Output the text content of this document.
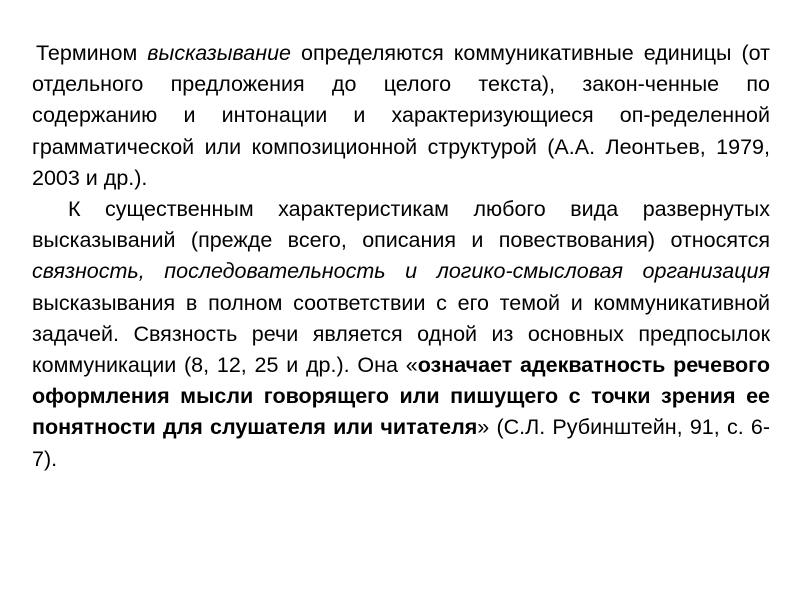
Термином высказывание определяются коммуникативные единицы (от отдельного предложения до целого текста), закон-ченные по содержанию и интонации и характеризующиеся оп-ределенной грамматической или композиционной структурой (А.А. Леонтьев, 1979, 2003 и др.).

К существенным характеристикам любого вида развернутых высказываний (прежде всего, описания и повествования) относятся связность, последовательность и логико-смысловая организация высказывания в полном соответствии с его темой и коммуникативной задачей. Связность речи является одной из основных предпосылок коммуникации (8, 12, 25 и др.). Она «означает адекватность речевого оформления мысли говорящего или пишущего с точки зрения ее понятности для слушателя или читателя» (С.Л. Рубинштейн, 91, с. 6-7).
